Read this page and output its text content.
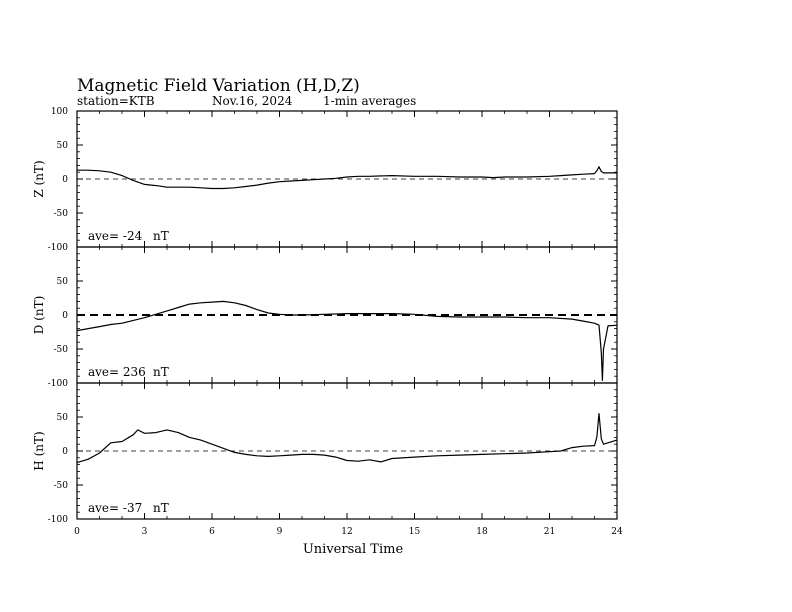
Magnetic Field Variation (H,D,Z)
station=KTB	Nov.16, 2024	1-min averages
100
50
0
-50
-100
Z (nT)
ave= -24 nT
50
0
-50
-100
D (nT)
ave= 236 nT
50
0
-50
-100
H (nT)
ave= -37 nT
0	3	6	9	12	15	18	21	24
Universal Time
